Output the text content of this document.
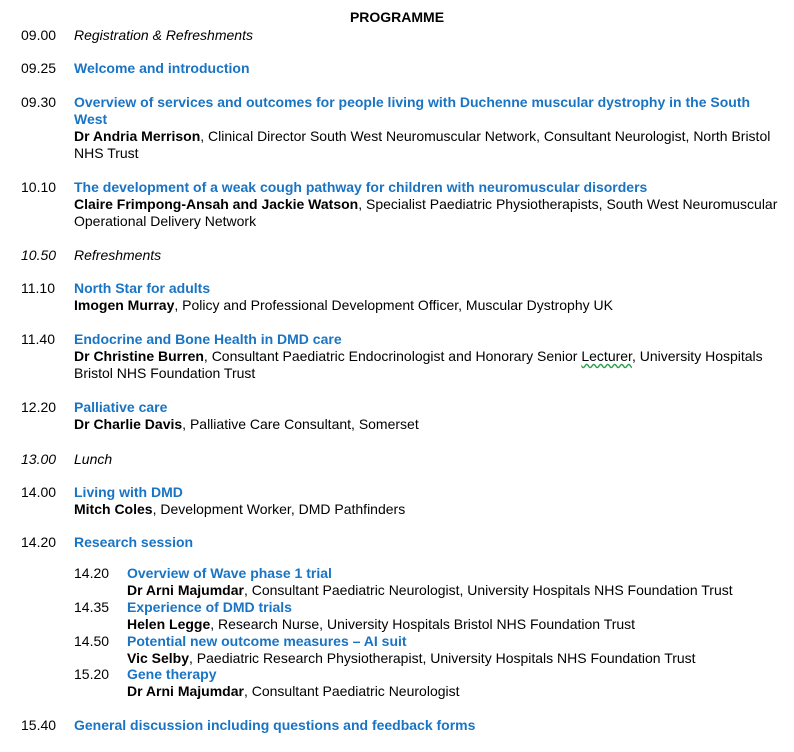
PROGRAMME
09.00	Registration & Refreshments
09.25	Welcome and introduction
09.30	Overview of services and outcomes for people living with Duchenne muscular dystrophy in the South West
Dr Andria Merrison, Clinical Director South West Neuromuscular Network, Consultant Neurologist, North Bristol NHS Trust
10.10	The development of a weak cough pathway for children with neuromuscular disorders
Claire Frimpong-Ansah and Jackie Watson, Specialist Paediatric Physiotherapists, South West Neuromuscular Operational Delivery Network
10.50	Refreshments
11.10	North Star for adults
Imogen Murray, Policy and Professional Development Officer, Muscular Dystrophy UK
11.40	Endocrine and Bone Health in DMD care
Dr Christine Burren, Consultant Paediatric Endocrinologist and Honorary Senior Lecturer, University Hospitals Bristol NHS Foundation Trust
12.20	Palliative care
Dr Charlie Davis, Palliative Care Consultant, Somerset
13.00	Lunch
14.00	Living with DMD
Mitch Coles, Development Worker, DMD Pathfinders
14.20	Research session
14.20	Overview of Wave phase 1 trial
Dr Arni Majumdar, Consultant Paediatric Neurologist, University Hospitals NHS Foundation Trust
14.35	Experience of DMD trials
Helen Legge, Research Nurse, University Hospitals Bristol NHS Foundation Trust
14.50	Potential new outcome measures – AI suit
Vic Selby, Paediatric Research Physiotherapist, University Hospitals NHS Foundation Trust
15.20	Gene therapy
Dr Arni Majumdar, Consultant Paediatric Neurologist
15.40	General discussion including questions and feedback forms
